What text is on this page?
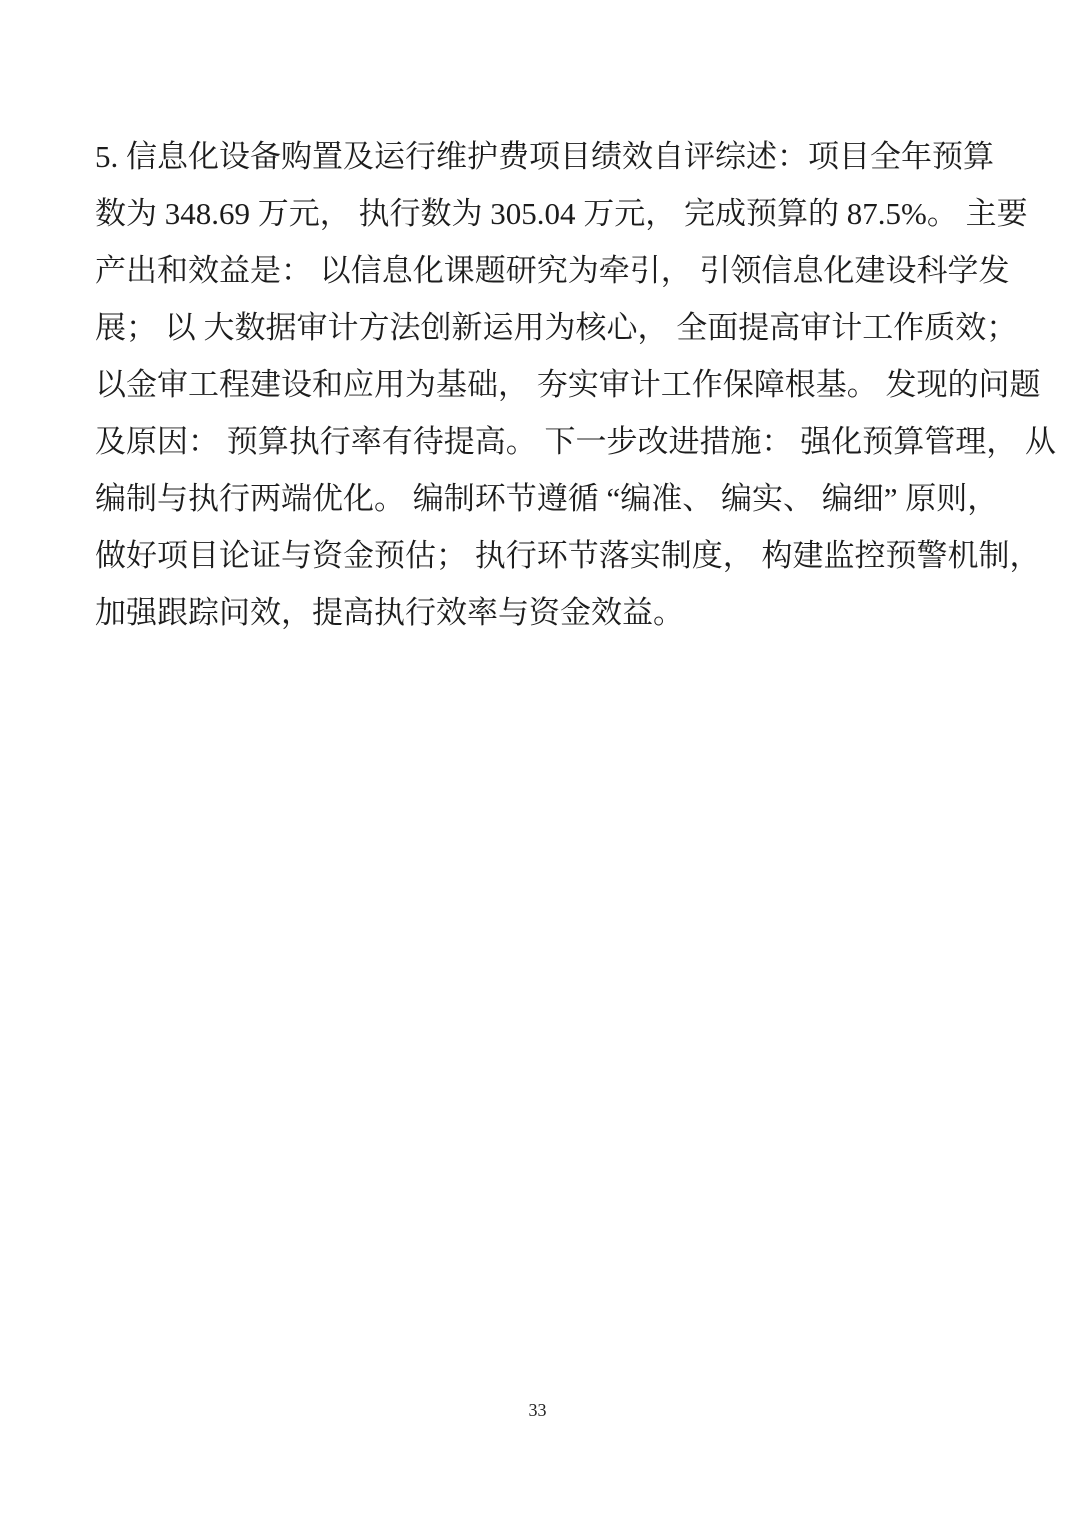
5. 信息化设备购置及运行维护费项目绩效自评综述：项目全年预算
数为 348.69 万元， 执行数为 305.04 万元， 完成预算的 87.5%。 主要
产出和效益是： 以信息化课题研究为牵引， 引领信息化建设科学发
展； 以 大数据审计方法创新运用为核心， 全面提高审计工作质效；
以金审工程建设和应用为基础， 夯实审计工作保障根基。 发现的问题
及原因： 预算执行率有待提高。 下一步改进措施： 强化预算管理， 从
编制与执行两端优化。 编制环节遵循 “编准、 编实、 编细” 原则，
做好项目论证与资金预估； 执行环节落实制度， 构建监控预警机制，
加强跟踪问效，提高执行效率与资金效益。
33
